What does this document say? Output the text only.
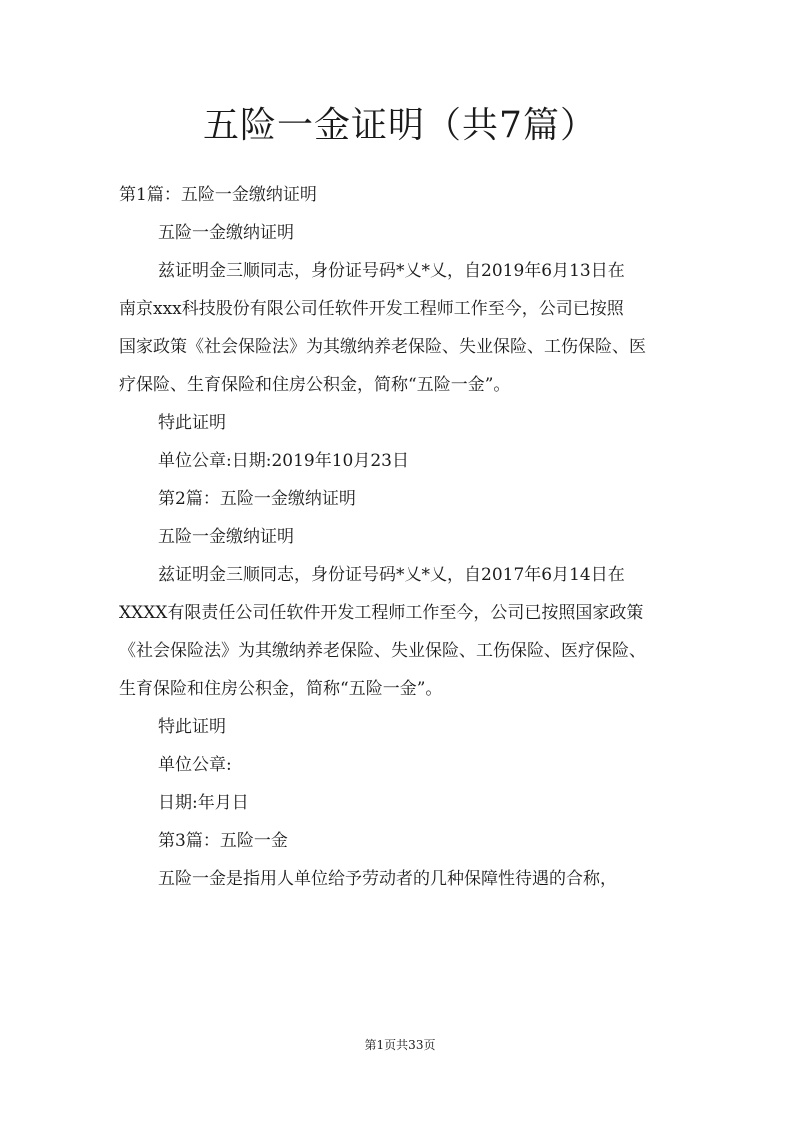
五险一金证明（共7篇）

第1篇：五险一金缴纳证明

五险一金缴纳证明

兹证明金三顺同志，身份证号码*乂*乂，自2019年6月13日在

南京xxx科技股份有限公司任软件开发工程师工作至今，公司已按照

国家政策《社会保险法》为其缴纳养老保险、失业保险、工伤保险、医

疗保险、生育保险和住房公积金，简称“五险一金”。

特此证明

单位公章:日期:2019年10月23日

第2篇：五险一金缴纳证明

五险一金缴纳证明

兹证明金三顺同志，身份证号码*乂*乂，自2017年6月14日在

XXXX有限责任公司任软件开发工程师工作至今，公司已按照国家政策

《社会保险法》为其缴纳养老保险、失业保险、工伤保险、医疗保险、

生育保险和住房公积金，简称“五险一金”。

特此证明

单位公章:

日期:年月日

第3篇：五险一金

五险一金是指用人单位给予劳动者的几种保障性待遇的合称，

第1页共33页
